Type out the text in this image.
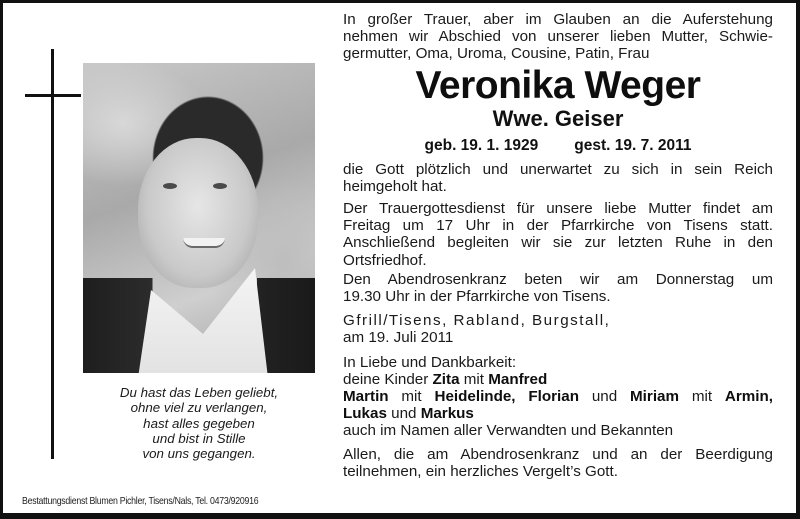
Du hast das Leben geliebt,
ohne viel zu verlangen,
hast alles gegeben
und bist in Stille
von uns gegangen.
Bestattungsdienst Blumen Pichler, Tisens/Nals, Tel. 0473/920916
In großer Trauer, aber im Glauben an die Auferstehung
nehmen wir Abschied von unserer lieben Mutter, Schwie-
germutter, Oma, Uroma, Cousine, Patin, Frau
Veronika Weger
Wwe. Geiser
geb. 19. 1. 1929 gest. 19. 7. 2011
die Gott plötzlich und unerwartet zu sich in sein Reich
heimgeholt hat.
Der Trauergottesdienst für unsere liebe Mutter findet am
Freitag um 17 Uhr in der Pfarrkirche von Tisens statt.
Anschließend begleiten wir sie zur letzten Ruhe in den
Ortsfriedhof.
Den Abendrosenkranz beten wir am Donnerstag um
19.30 Uhr in der Pfarrkirche von Tisens.
Gfrill/Tisens, Rabland, Burgstall,
am 19. Juli 2011
In Liebe und Dankbarkeit:
deine Kinder Zita mit Manfred
Martin mit Heidelinde, Florian und Miriam mit Armin,
Lukas und Markus
auch im Namen aller Verwandten und Bekannten
Allen, die am Abendrosenkranz und an der Beerdigung
teilnehmen, ein herzliches Vergelt’s Gott.
